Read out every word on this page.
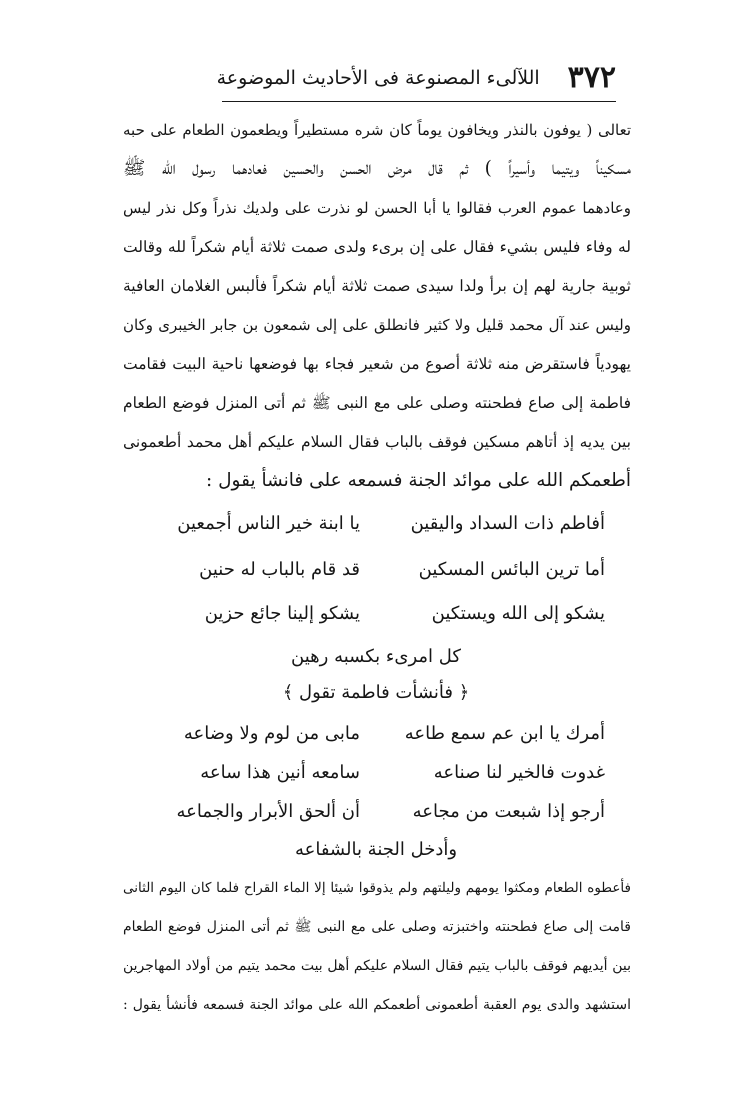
٣٧٢
اللآلىء المصنوعة فى الأحاديث الموضوعة
تعالى ( يوفون بالنذر ويخافون يوماً كان شره مستطيراً ويطعمون الطعام على حبه
مسكيناً ويتيما وأسيراً ) ثم قال مرض الحسن والحسين فعادهما رسول الله ﷺ
وعادهما عموم العرب فقالوا يا أبا الحسن لو نذرت على ولديك نذراً وكل نذر ليس
له وفاء فليس بشيء فقال على إن برىء ولدى صمت ثلاثة أيام شكراً لله وقالت
ثوبية جارية لهم إن برأ ولدا سيدى صمت ثلاثة أيام شكراً فألبس الغلامان العافية
وليس عند آل محمد قليل ولا كثير فانطلق على إلى شمعون بن جابر الخيبرى وكان
يهودياً فاستقرض منه ثلاثة أصوع من شعير فجاء بها فوضعها ناحية البيت فقامت
فاطمة إلى صاع فطحنته وصلى على مع النبى ﷺ ثم أتى المنزل فوضع الطعام
بين يديه إذ أتاهم مسكين فوقف بالباب فقال السلام عليكم أهل محمد أطعمونى
أطعمكم الله على موائد الجنة فسمعه على فانشأ يقول :
أفاطم ذات السداد واليقين
يا ابنة خير الناس أجمعين
أما ترين البائس المسكين
قد قام بالباب له حنين
يشكو إلى الله ويستكين
يشكو إلينا جائع حزين
كل امرىء بكسبه رهين
﴿ فأنشأت فاطمة تقول ﴾
أمرك يا ابن عم سمع طاعه
مابى من لوم ولا وضاعه
غدوت فالخير لنا صناعه
سامعه أنين هذا ساعه
أرجو إذا شبعت من مجاعه
أن ألحق الأبرار والجماعه
وأدخل الجنة بالشفاعه
فأعطوه الطعام ومكثوا يومهم وليلتهم ولم يذوقوا شيئا إلا الماء القراح فلما كان اليوم الثانى
قامت إلى صاع فطحنته واختبزته وصلى على مع النبى ﷺ ثم أتى المنزل فوضع الطعام
بين أيديهم فوقف بالباب يتيم فقال السلام عليكم أهل بيت محمد يتيم من أولاد المهاجرين
استشهد والدى يوم العقبة أطعمونى أطعمكم الله على موائد الجنة فسمعه فأنشأ يقول :
